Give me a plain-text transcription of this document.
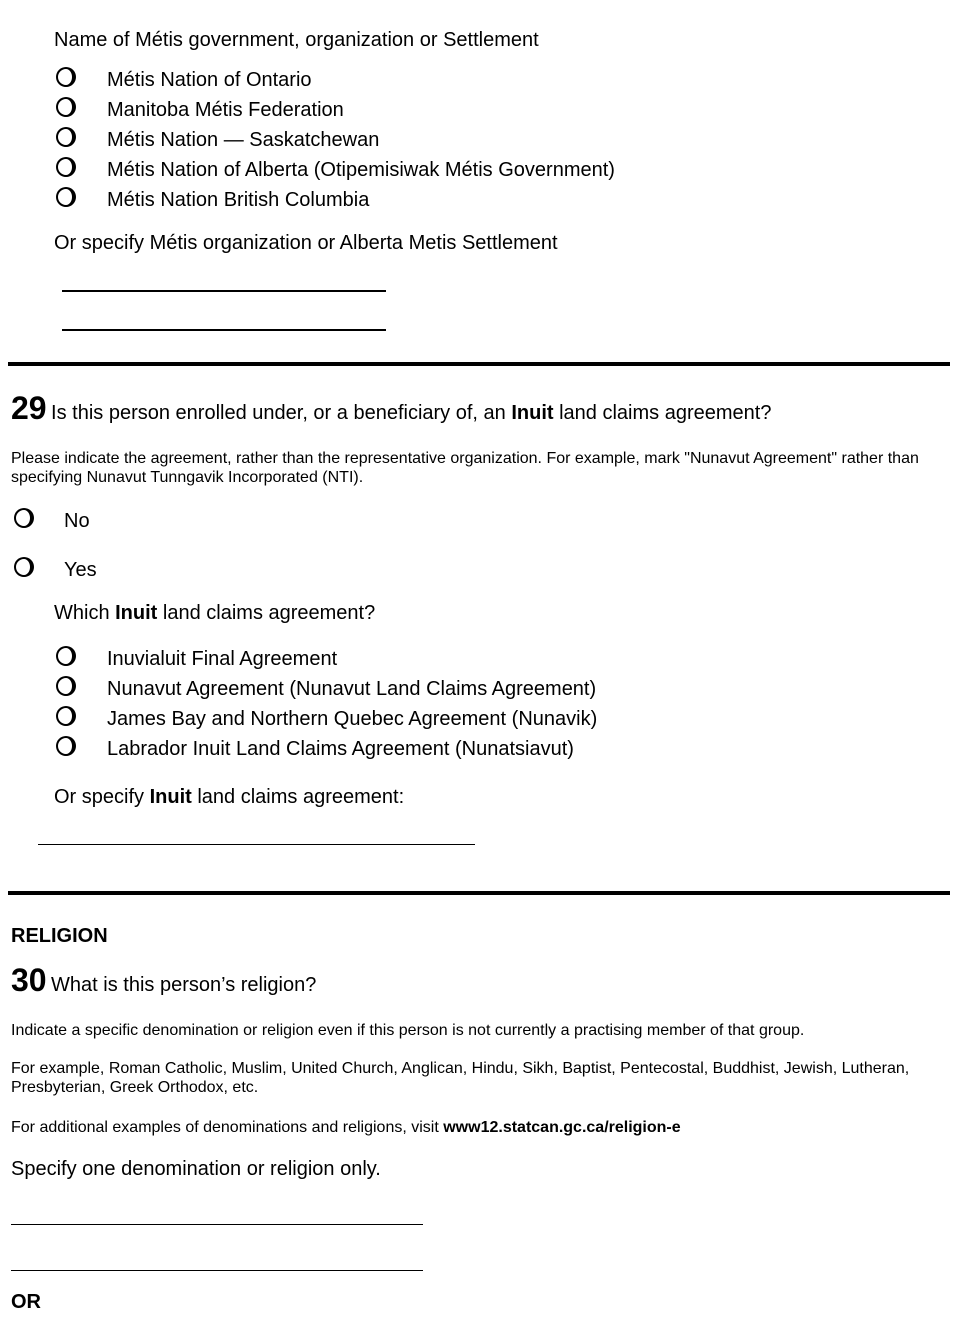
Name of Métis government, organization or Settlement
Métis Nation of Ontario
Manitoba Métis Federation
Métis Nation — Saskatchewan
Métis Nation of Alberta (Otipemisiwak Métis Government)
Métis Nation British Columbia
Or specify Métis organization or Alberta Metis Settlement
29 Is this person enrolled under, or a beneficiary of, an Inuit land claims agreement?
Please indicate the agreement, rather than the representative organization. For example, mark "Nunavut Agreement" rather than specifying Nunavut Tunngavik Incorporated (NTI).
No
Yes
Which Inuit land claims agreement?
Inuvialuit Final Agreement
Nunavut Agreement (Nunavut Land Claims Agreement)
James Bay and Northern Quebec Agreement (Nunavik)
Labrador Inuit Land Claims Agreement (Nunatsiavut)
Or specify Inuit land claims agreement:
RELIGION
30 What is this person’s religion?
Indicate a specific denomination or religion even if this person is not currently a practising member of that group.
For example, Roman Catholic, Muslim, United Church, Anglican, Hindu, Sikh, Baptist, Pentecostal, Buddhist, Jewish, Lutheran, Presbyterian, Greek Orthodox, etc.
For additional examples of denominations and religions, visit www12.statcan.gc.ca/religion-e
Specify one denomination or religion only.
OR
